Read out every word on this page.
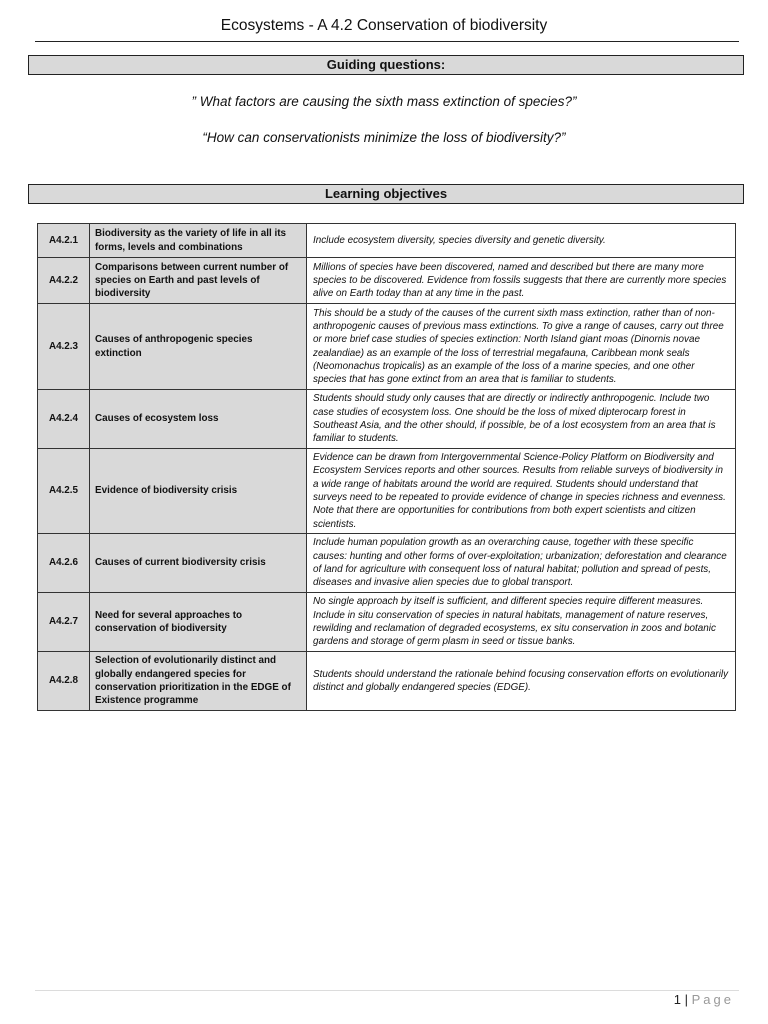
Ecosystems - A 4.2 Conservation of biodiversity
Guiding questions:
” What factors are causing the sixth mass extinction of species?”
“How can conservationists minimize the loss of biodiversity?”
Learning objectives
A4.2.1	Biodiversity as the variety of life in all its forms, levels and combinations	Include ecosystem diversity, species diversity and genetic diversity.
A4.2.2	Comparisons between current number of species on Earth and past levels of biodiversity	Millions of species have been discovered, named and described but there are many more species to be discovered. Evidence from fossils suggests that there are currently more species alive on Earth today than at any time in the past.
A4.2.3	Causes of anthropogenic species extinction	This should be a study of the causes of the current sixth mass extinction, rather than of non-anthropogenic causes of previous mass extinctions. To give a range of causes, carry out three or more brief case studies of species extinction: North Island giant moas (Dinornis novae zealandiae) as an example of the loss of terrestrial megafauna, Caribbean monk seals (Neomonachus tropicalis) as an example of the loss of a marine species, and one other species that has gone extinct from an area that is familiar to students.
A4.2.4	Causes of ecosystem loss	Students should study only causes that are directly or indirectly anthropogenic. Include two case studies of ecosystem loss. One should be the loss of mixed dipterocarp forest in Southeast Asia, and the other should, if possible, be of a lost ecosystem from an area that is familiar to students.
A4.2.5	Evidence of biodiversity crisis	Evidence can be drawn from Intergovernmental Science-Policy Platform on Biodiversity and Ecosystem Services reports and other sources. Results from reliable surveys of biodiversity in a wide range of habitats around the world are required. Students should understand that surveys need to be repeated to provide evidence of change in species richness and evenness. Note that there are opportunities for contributions from both expert scientists and citizen scientists.
A4.2.6	Causes of current biodiversity crisis	Include human population growth as an overarching cause, together with these specific causes: hunting and other forms of over-exploitation; urbanization; deforestation and clearance of land for agriculture with consequent loss of natural habitat; pollution and spread of pests, diseases and invasive alien species due to global transport.
A4.2.7	Need for several approaches to conservation of biodiversity	No single approach by itself is sufficient, and different species require different measures. Include in situ conservation of species in natural habitats, management of nature reserves, rewilding and reclamation of degraded ecosystems, ex situ conservation in zoos and botanic gardens and storage of germ plasm in seed or tissue banks.
A4.2.8	Selection of evolutionarily distinct and globally endangered species for conservation prioritization in the EDGE of Existence programme	Students should understand the rationale behind focusing conservation efforts on evolutionarily distinct and globally endangered species (EDGE).
1 | Page
